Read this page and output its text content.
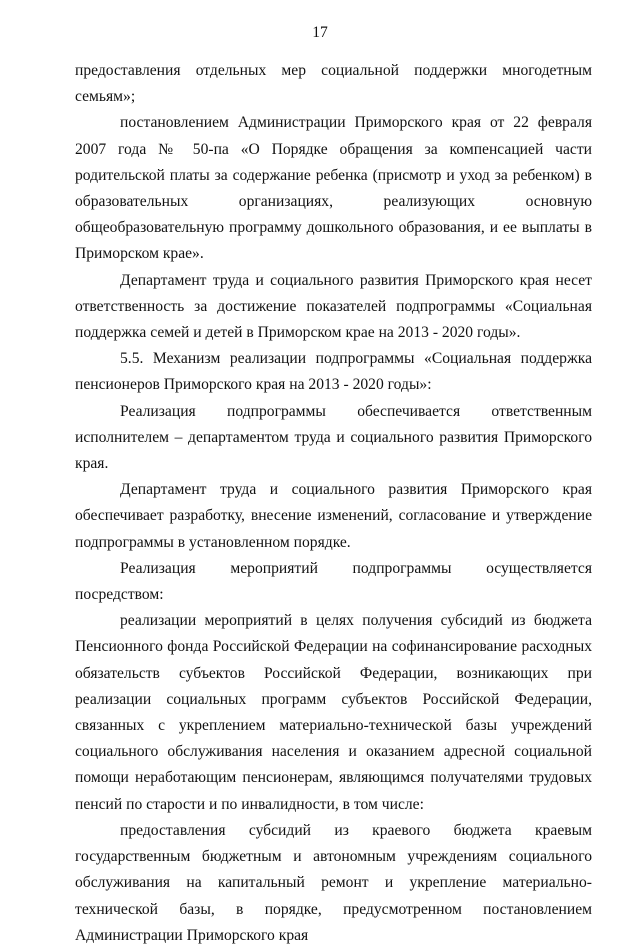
17

предоставления отдельных мер социальной поддержки многодетным семьям»;

постановлением Администрации Приморского края от 22 февраля 2007 года № 50-па «О Порядке обращения за компенсацией части родительской платы за содержание ребенка (присмотр и уход за ребенком) в образовательных организациях, реализующих основную общеобразовательную программу дошкольного образования, и ее выплаты в Приморском крае».

Департамент труда и социального развития Приморского края несет ответственность за достижение показателей подпрограммы «Социальная поддержка семей и детей в Приморском крае на 2013 - 2020 годы».

5.5. Механизм реализации подпрограммы «Социальная поддержка пенсионеров Приморского края на 2013 - 2020 годы»:

Реализация подпрограммы обеспечивается ответственным исполнителем – департаментом труда и социального развития Приморского края.

Департамент труда и социального развития Приморского края обеспечивает разработку, внесение изменений, согласование и утверждение подпрограммы в установленном порядке.

Реализация мероприятий подпрограммы осуществляется посредством:

реализации мероприятий в целях получения субсидий из бюджета Пенсионного фонда Российской Федерации на софинансирование расходных обязательств субъектов Российской Федерации, возникающих при реализации социальных программ субъектов Российской Федерации, связанных с укреплением материально-технической базы учреждений социального обслуживания населения и оказанием адресной социальной помощи неработающим пенсионерам, являющимся получателями трудовых пенсий по старости и по инвалидности, в том числе:

предоставления субсидий из краевого бюджета краевым государственным бюджетным и автономным учреждениям социального обслуживания на капитальный ремонт и укрепление материально-технической базы, в порядке, предусмотренном постановлением Администрации Приморского края
